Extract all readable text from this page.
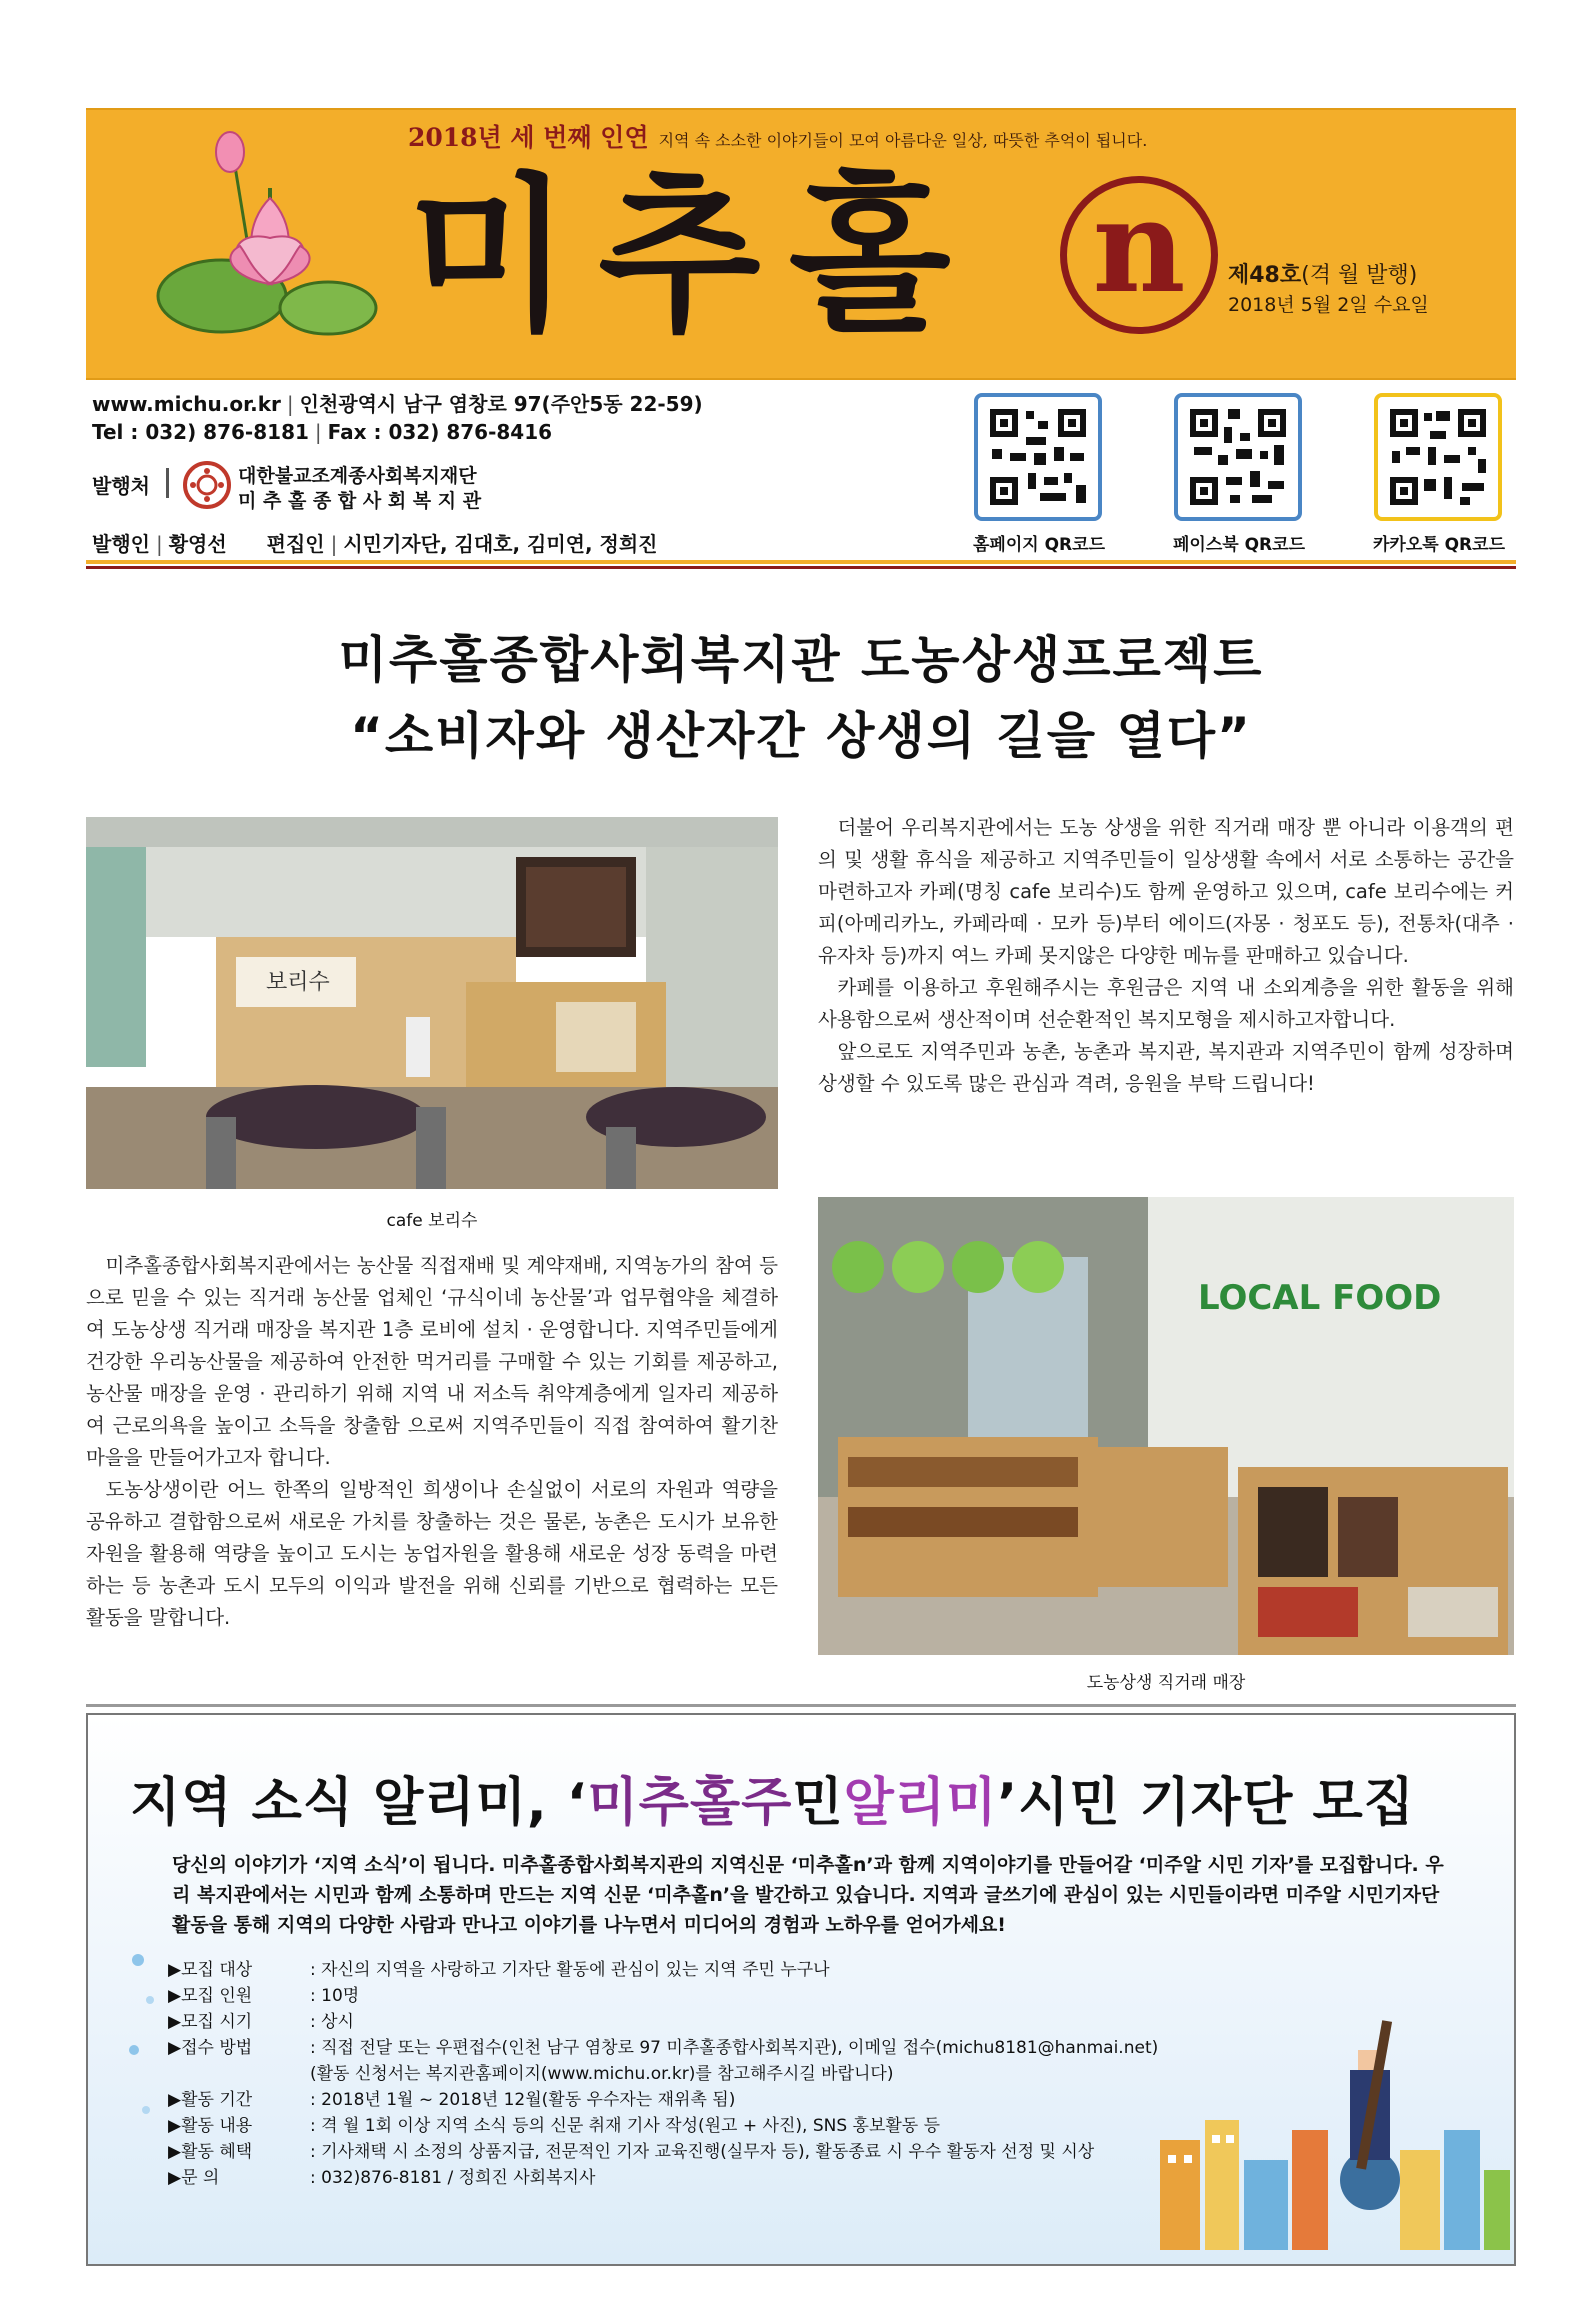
2018년 세 번째 인연 지역 속 소소한 이야기들이 모여 아름다운 일상, 따뜻한 추억이 됩니다.
미추홀 n	제48호(격 월 발행)
2018년 5월 2일 수요일
www.michu.or.kr | 인천광역시 남구 염창로 97(주안5동 22-59)
Tel : 032) 876-8181 | Fax : 032) 876-8416
발행처	대한불교조계종사회복지재단
미 추 홀 종 합 사 회 복 지 관
발행인 | 황영선 편집인 | 시민기자단, 김대호, 김미연, 정희진	홈페이지 QR코드	페이스북 QR코드	카카오톡 QR코드
미추홀종합사회복지관 도농상생프로젝트
“소비자와 생산자간 상생의 길을 열다”
보리수
cafe 보리수

더불어 우리복지관에서는 도농 상생을 위한 직거래 매장 뿐 아니라 이용객의 편의 및 생활 휴식을 제공하고 지역주민들이 일상생활 속에서 서로 소통하는 공간을 마련하고자 카페(명칭 cafe 보리수)도 함께 운영하고 있으며, cafe 보리수에는 커피(아메리카노, 카페라떼 · 모카 등)부터 에이드(자몽 · 청포도 등), 전통차(대추 · 유자차 등)까지 여느 카페 못지않은 다양한 메뉴를 판매하고 있습니다.

카페를 이용하고 후원해주시는 후원금은 지역 내 소외계층을 위한 활동을 위해 사용함으로써 생산적이며 선순환적인 복지모형을 제시하고자합니다.

앞으로도 지역주민과 농촌, 농촌과 복지관, 복지관과 지역주민이 함께 성장하며 상생할 수 있도록 많은 관심과 격려, 응원을 부탁 드립니다!

LOCAL FOOD
도농상생 직거래 매장

미추홀종합사회복지관에서는 농산물 직접재배 및 계약재배, 지역농가의 참여 등으로 믿을 수 있는 직거래 농산물 업체인 ‘규식이네 농산물’과 업무협약을 체결하여 도농상생 직거래 매장을 복지관 1층 로비에 설치 · 운영합니다. 지역주민들에게 건강한 우리농산물을 제공하여 안전한 먹거리를 구매할 수 있는 기회를 제공하고, 농산물 매장을 운영 · 관리하기 위해 지역 내 저소득 취약계층에게 일자리 제공하여 근로의욕을 높이고 소득을 창출함 으로써 지역주민들이 직접 참여하여 활기찬 마을을 만들어가고자 합니다.

도농상생이란 어느 한쪽의 일방적인 희생이나 손실없이 서로의 자원과 역량을 공유하고 결합함으로써 새로운 가치를 창출하는 것은 물론, 농촌은 도시가 보유한 자원을 활용해 역량을 높이고 도시는 농업자원을 활용해 새로운 성장 동력을 마련하는 등 농촌과 도시 모두의 이익과 발전을 위해 신뢰를 기반으로 협력하는 모든 활동을 말합니다.

지역 소식 알리미, ‘미추홀주민알리미’시민 기자단 모집
당신의 이야기가 ‘지역 소식’이 됩니다. 미추홀종합사회복지관의 지역신문 ‘미추홀n’과 함께 지역이야기를 만들어갈 ‘미주알 시민 기자’를 모집합니다. 우리 복지관에서는 시민과 함께 소통하며 만드는 지역 신문 ‘미추홀n’을 발간하고 있습니다. 지역과 글쓰기에 관심이 있는 시민들이라면 미주알 시민기자단 활동을 통해 지역의 다양한 사람과 만나고 이야기를 나누면서 미디어의 경험과 노하우를 얻어가세요!
▶모집 대상	: 자신의 지역을 사랑하고 기자단 활동에 관심이 있는 지역 주민 누구나
▶모집 인원	: 10명
▶모집 시기	: 상시
▶접수 방법	: 직접 전달 또는 우편접수(인천 남구 염창로 97 미추홀종합사회복지관), 이메일 접수(michu8181@hanmai.net)
(활동 신청서는 복지관홈페이지(www.michu.or.kr)를 참고해주시길 바랍니다)
▶활동 기간	: 2018년 1월 ~ 2018년 12월(활동 우수자는 재위촉 됨)
▶활동 내용	: 격 월 1회 이상 지역 소식 등의 신문 취재 기사 작성(원고 + 사진), SNS 홍보활동 등
▶활동 혜택	: 기사채택 시 소정의 상품지급, 전문적인 기자 교육진행(실무자 등), 활동종료 시 우수 활동자 선정 및 시상
▶문 의	: 032)876-8181 / 정희진 사회복지사
